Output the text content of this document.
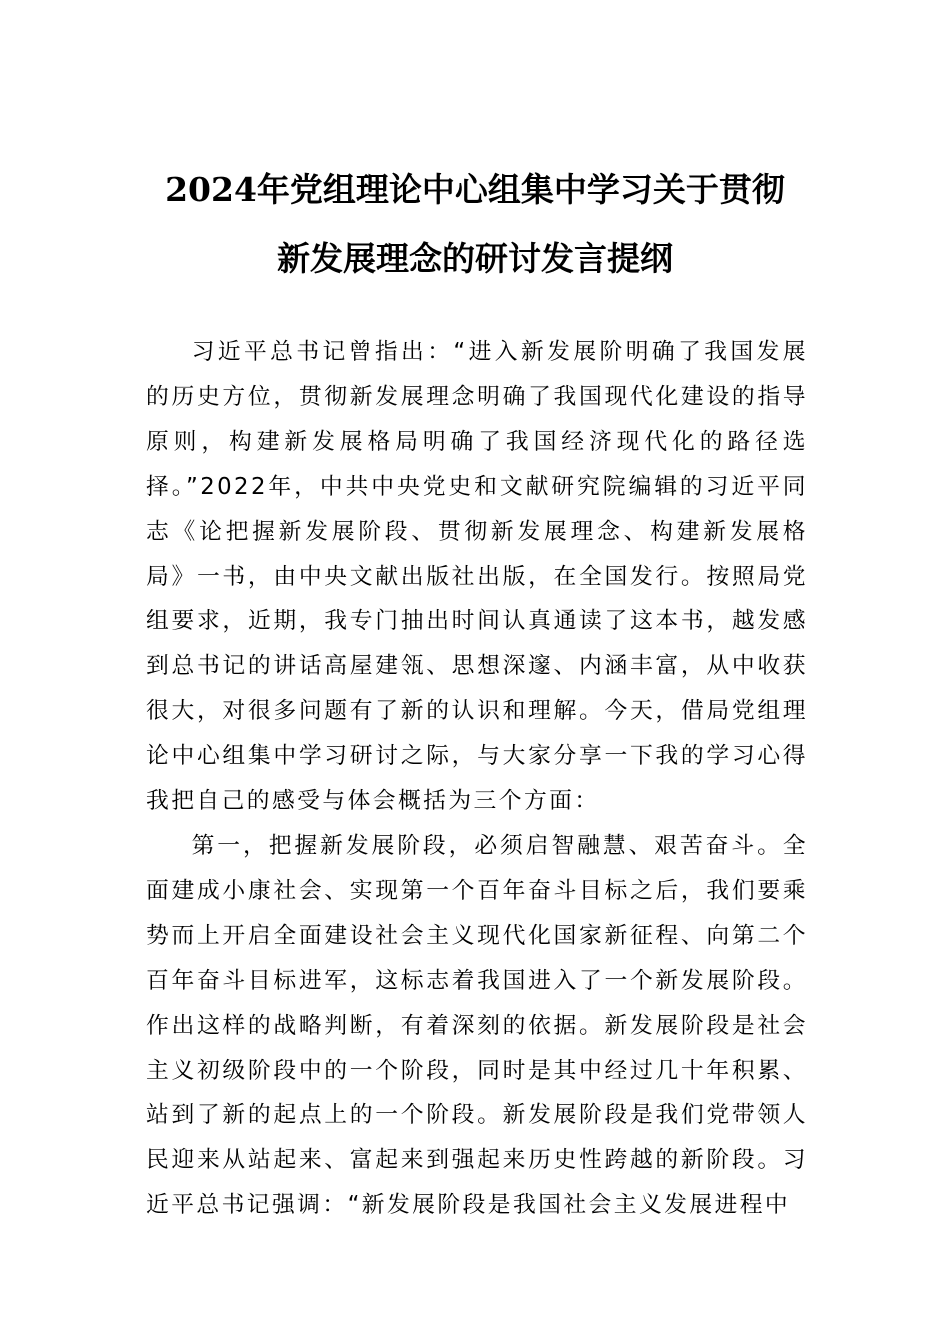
2024年党组理论中心组集中学习关于贯彻
新发展理念的研讨发言提纲

习近平总书记曾指出：“进入新发展阶明确了我国发展的历史方位，贯彻新发展理念明确了我国现代化建设的指导原则，构建新发展格局明确了我国经济现代化的路径选择。”2022年，中共中央党史和文献研究院编辑的习近平同志《论把握新发展阶段、贯彻新发展理念、构建新发展格局》一书，由中央文献出版社出版，在全国发行。按照局党组要求，近期，我专门抽出时间认真通读了这本书，越发感到总书记的讲话高屋建瓴、思想深邃、内涵丰富，从中收获很大，对很多问题有了新的认识和理解。今天，借局党组理论中心组集中学习研讨之际，与大家分享一下我的学习心得我把自己的感受与体会概括为三个方面：

第一，把握新发展阶段，必须启智融慧、艰苦奋斗。全面建成小康社会、实现第一个百年奋斗目标之后，我们要乘势而上开启全面建设社会主义现代化国家新征程、向第二个百年奋斗目标进军，这标志着我国进入了一个新发展阶段。作出这样的战略判断，有着深刻的依据。新发展阶段是社会主义初级阶段中的一个阶段，同时是其中经过几十年积累、站到了新的起点上的一个阶段。新发展阶段是我们党带领人民迎来从站起来、富起来到强起来历史性跨越的新阶段。习近平总书记强调：“新发展阶段是我国社会主义发展进程中
